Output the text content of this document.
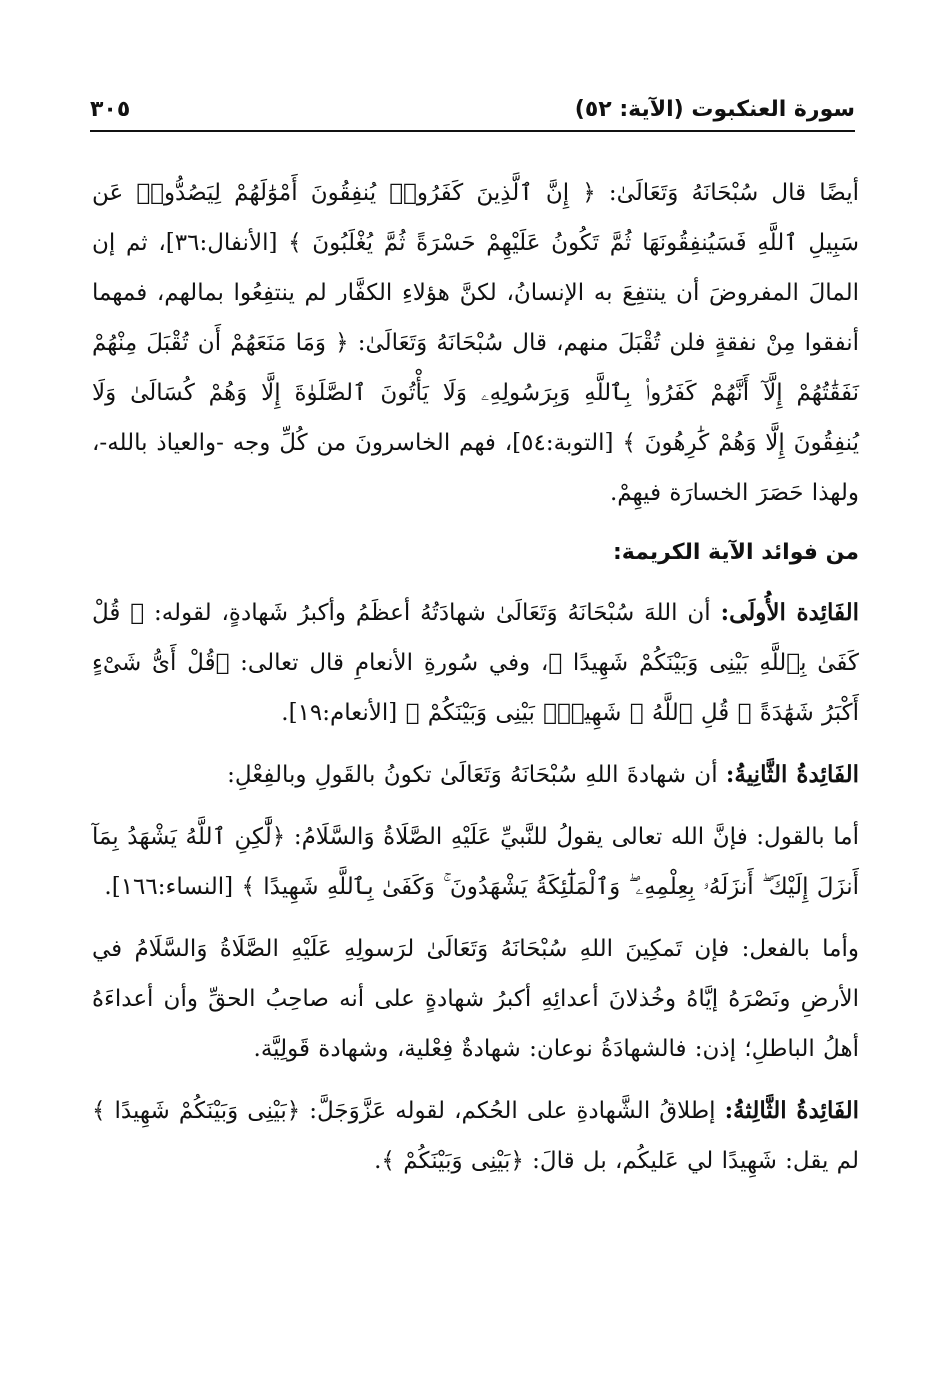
سورة العنكبوت (الآية: ٥٢)
٣٠٥

أيضًا قال سُبْحَانَهُ وَتَعَالَىٰ: ﴿ إِنَّ ٱلَّذِينَ كَفَرُوا۟ يُنفِقُونَ أَمْوَٰلَهُمْ لِيَصُدُّوا۟ عَن سَبِيلِ ٱللَّهِ فَسَيُنفِقُونَهَا ثُمَّ تَكُونُ عَلَيْهِمْ حَسْرَةً ثُمَّ يُغْلَبُونَ ﴾ [الأنفال:٣٦]، ثم إن المالَ المفروضَ أن ينتفِعَ به الإنسانُ، لكنَّ هؤلاءِ الكفَّار لم ينتفِعُوا بمالهم، فمهما أنفقوا مِنْ نفقةٍ فلن تُقْبَلَ منهم، قال سُبْحَانَهُ وَتَعَالَىٰ: ﴿ وَمَا مَنَعَهُمْ أَن تُقْبَلَ مِنْهُمْ نَفَقَٰتُهُمْ إِلَّآ أَنَّهُمْ كَفَرُوا۟ بِٱللَّهِ وَبِرَسُولِهِۦ وَلَا يَأْتُونَ ٱلصَّلَوٰةَ إِلَّا وَهُمْ كُسَالَىٰ وَلَا يُنفِقُونَ إِلَّا وَهُمْ كَٰرِهُونَ ﴾ [التوبة:٥٤]، فهم الخاسرونَ من كُلِّ وجه -والعياذ بالله-، ولهذا حَصَرَ الخسارَة فيهِمْ.

من فوائد الآية الكريمة:

الفَائِدة الأُولَى: أن اللهَ سُبْحَانَهُ وَتَعَالَىٰ شهادَتُهُ أعظَمُ وأكبرُ شَهادةٍ، لقوله: ﴿ قُلْ كَفَىٰ بِٱللَّهِ بَيْنِى وَبَيْنَكُمْ شَهِيدًا ﴾، وفي سُورةِ الأنعامِ قال تعالى: ﴿قُلْ أَىُّ شَىْءٍ أَكْبَرُ شَهَٰدَةً ۖ قُلِ ٱللَّهُ ۖ شَهِيدٌۢ بَيْنِى وَبَيْنَكُمْ ﴾ [الأنعام:١٩].

الفَائِدةُ الثَّانِيةُ: أن شهادةَ اللهِ سُبْحَانَهُ وَتَعَالَىٰ تكونُ بالقَولِ وبالفِعْلِ:

أما بالقول: فإنَّ الله تعالى يقولُ للنَّبيِّ عَلَيْهِ الصَّلَاةُ وَالسَّلَامُ: ﴿لَّٰكِنِ ٱللَّهُ يَشْهَدُ بِمَآ أَنزَلَ إِلَيْكَ ۖ أَنزَلَهُۥ بِعِلْمِهِۦ ۖ وَٱلْمَلَٰٓئِكَةُ يَشْهَدُونَ ۚ وَكَفَىٰ بِٱللَّهِ شَهِيدًا ﴾ [النساء:١٦٦].

وأما بالفعل: فإن تَمكِينَ اللهِ سُبْحَانَهُ وَتَعَالَىٰ لرَسولِهِ عَلَيْهِ الصَّلَاةُ وَالسَّلَامُ في الأرضِ ونَصْرَهُ إيَّاهُ وخُذلانَ أعدائِهِ أكبرُ شهادةٍ على أنه صاحِبُ الحقِّ وأن أعداءَهُ أهلُ الباطلِ؛ إذن: فالشهادَةُ نوعان: شهادةٌ فِعْلية، وشهادة قَولِيَّة.

الفَائِدةُ الثَّالِثةُ: إطلاقُ الشَّهادةِ على الحُكم، لقوله عَزَّوَجَلَّ: ﴿بَيْنِى وَبَيْنَكُمْ شَهِيدًا ﴾ لم يقل: شَهِيدًا لي عَليكُم، بل قالَ: ﴿بَيْنِى وَبَيْنَكُمْ ﴾.
